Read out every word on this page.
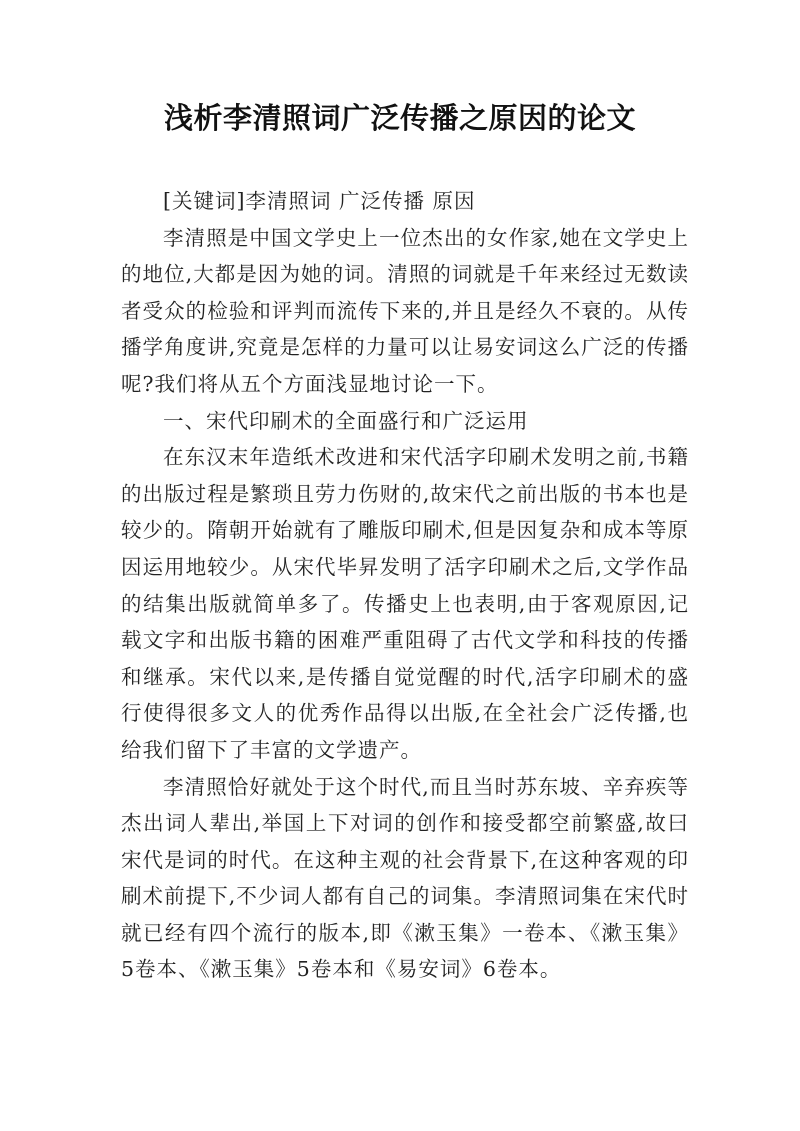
浅析李清照词广泛传播之原因的论文

[关键词]李清照词 广泛传播 原因

李清照是中国文学史上一位杰出的女作家,她在文学史上的地位,大都是因为她的词。清照的词就是千年来经过无数读者受众的检验和评判而流传下来的,并且是经久不衰的。从传播学角度讲,究竟是怎样的力量可以让易安词这么广泛的传播呢?我们将从五个方面浅显地讨论一下。

一、宋代印刷术的全面盛行和广泛运用

在东汉末年造纸术改进和宋代活字印刷术发明之前,书籍的出版过程是繁琐且劳力伤财的,故宋代之前出版的书本也是较少的。隋朝开始就有了雕版印刷术,但是因复杂和成本等原因运用地较少。从宋代毕昇发明了活字印刷术之后,文学作品的结集出版就简单多了。传播史上也表明,由于客观原因,记载文字和出版书籍的困难严重阻碍了古代文学和科技的传播和继承。宋代以来,是传播自觉觉醒的时代,活字印刷术的盛行使得很多文人的优秀作品得以出版,在全社会广泛传播,也给我们留下了丰富的文学遗产。

李清照恰好就处于这个时代,而且当时苏东坡、辛弃疾等杰出词人辈出,举国上下对词的创作和接受都空前繁盛,故曰宋代是词的时代。在这种主观的社会背景下,在这种客观的印刷术前提下,不少词人都有自己的词集。李清照词集在宋代时就已经有四个流行的版本,即《漱玉集》一卷本、《漱玉集》5卷本、《漱玉集》5卷本和《易安词》6卷本。
